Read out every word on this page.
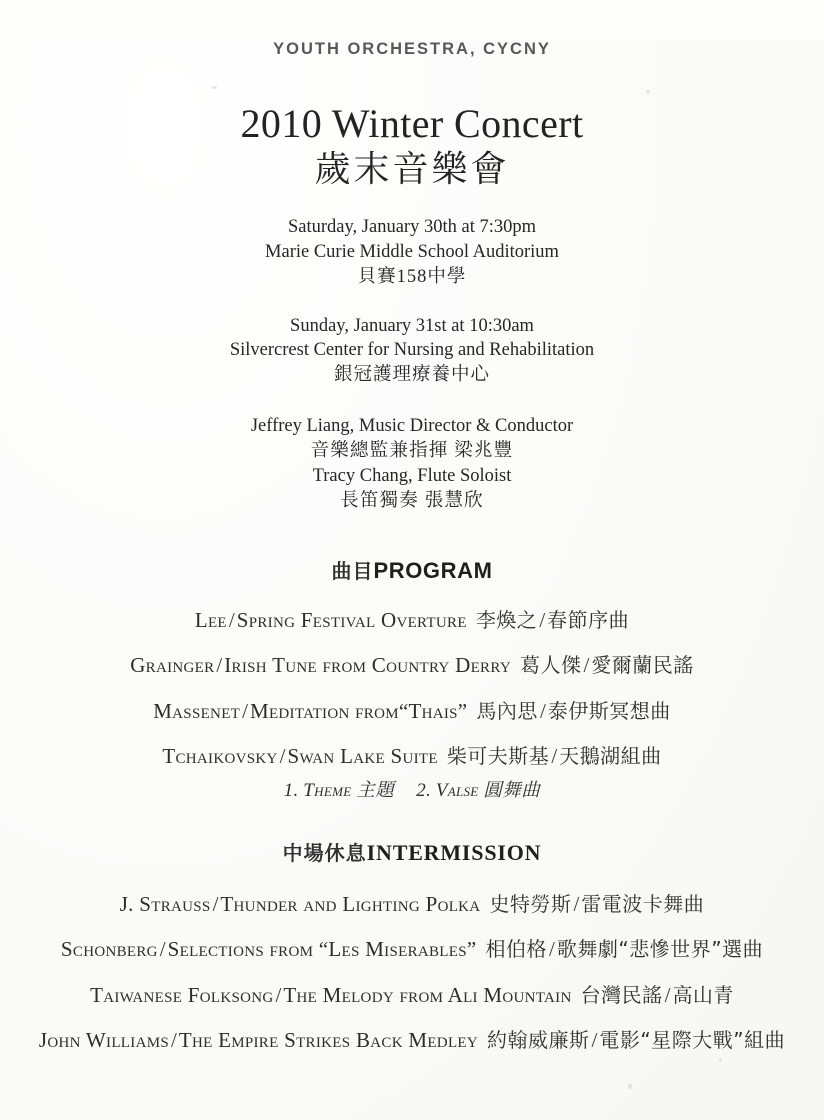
YOUTH ORCHESTRA, CYCNY
2010 Winter Concert
歲末音樂會
Saturday, January 30th at 7:30pm
Marie Curie Middle School Auditorium
貝賽158中學
Sunday, January 31st at 10:30am
Silvercrest Center for Nursing and Rehabilitation
銀冠護理療養中心
Jeffrey Liang, Music Director & Conductor
音樂總監兼指揮 梁兆豐
Tracy Chang, Flute Soloist
長笛獨奏 張慧欣
曲目PROGRAM
Lee/Spring Festival Overture 李煥之/ 春節序曲
Grainger/Irish Tune from Country Derry 葛人傑/ 愛爾蘭民謠
Massenet/Meditation from“Thais” 馬內思/ 泰伊斯冥想曲
Tchaikovsky/Swan Lake Suite 柴可夫斯基/ 天鵝湖組曲
1. Theme 主題 2. Valse 圓舞曲
中場休息INTERMISSION
J. Strauss/Thunder and Lighting Polka 史特勞斯/ 雷電波卡舞曲
Schonberg/Selections from “Les Miserables” 相伯格/ 歌舞劇“悲慘世界”選曲
Taiwanese Folksong/The Melody from Ali Mountain 台灣民謠/ 高山青
John Williams/The Empire Strikes Back Medley 約翰威廉斯/ 電影“星際大戰”組曲
